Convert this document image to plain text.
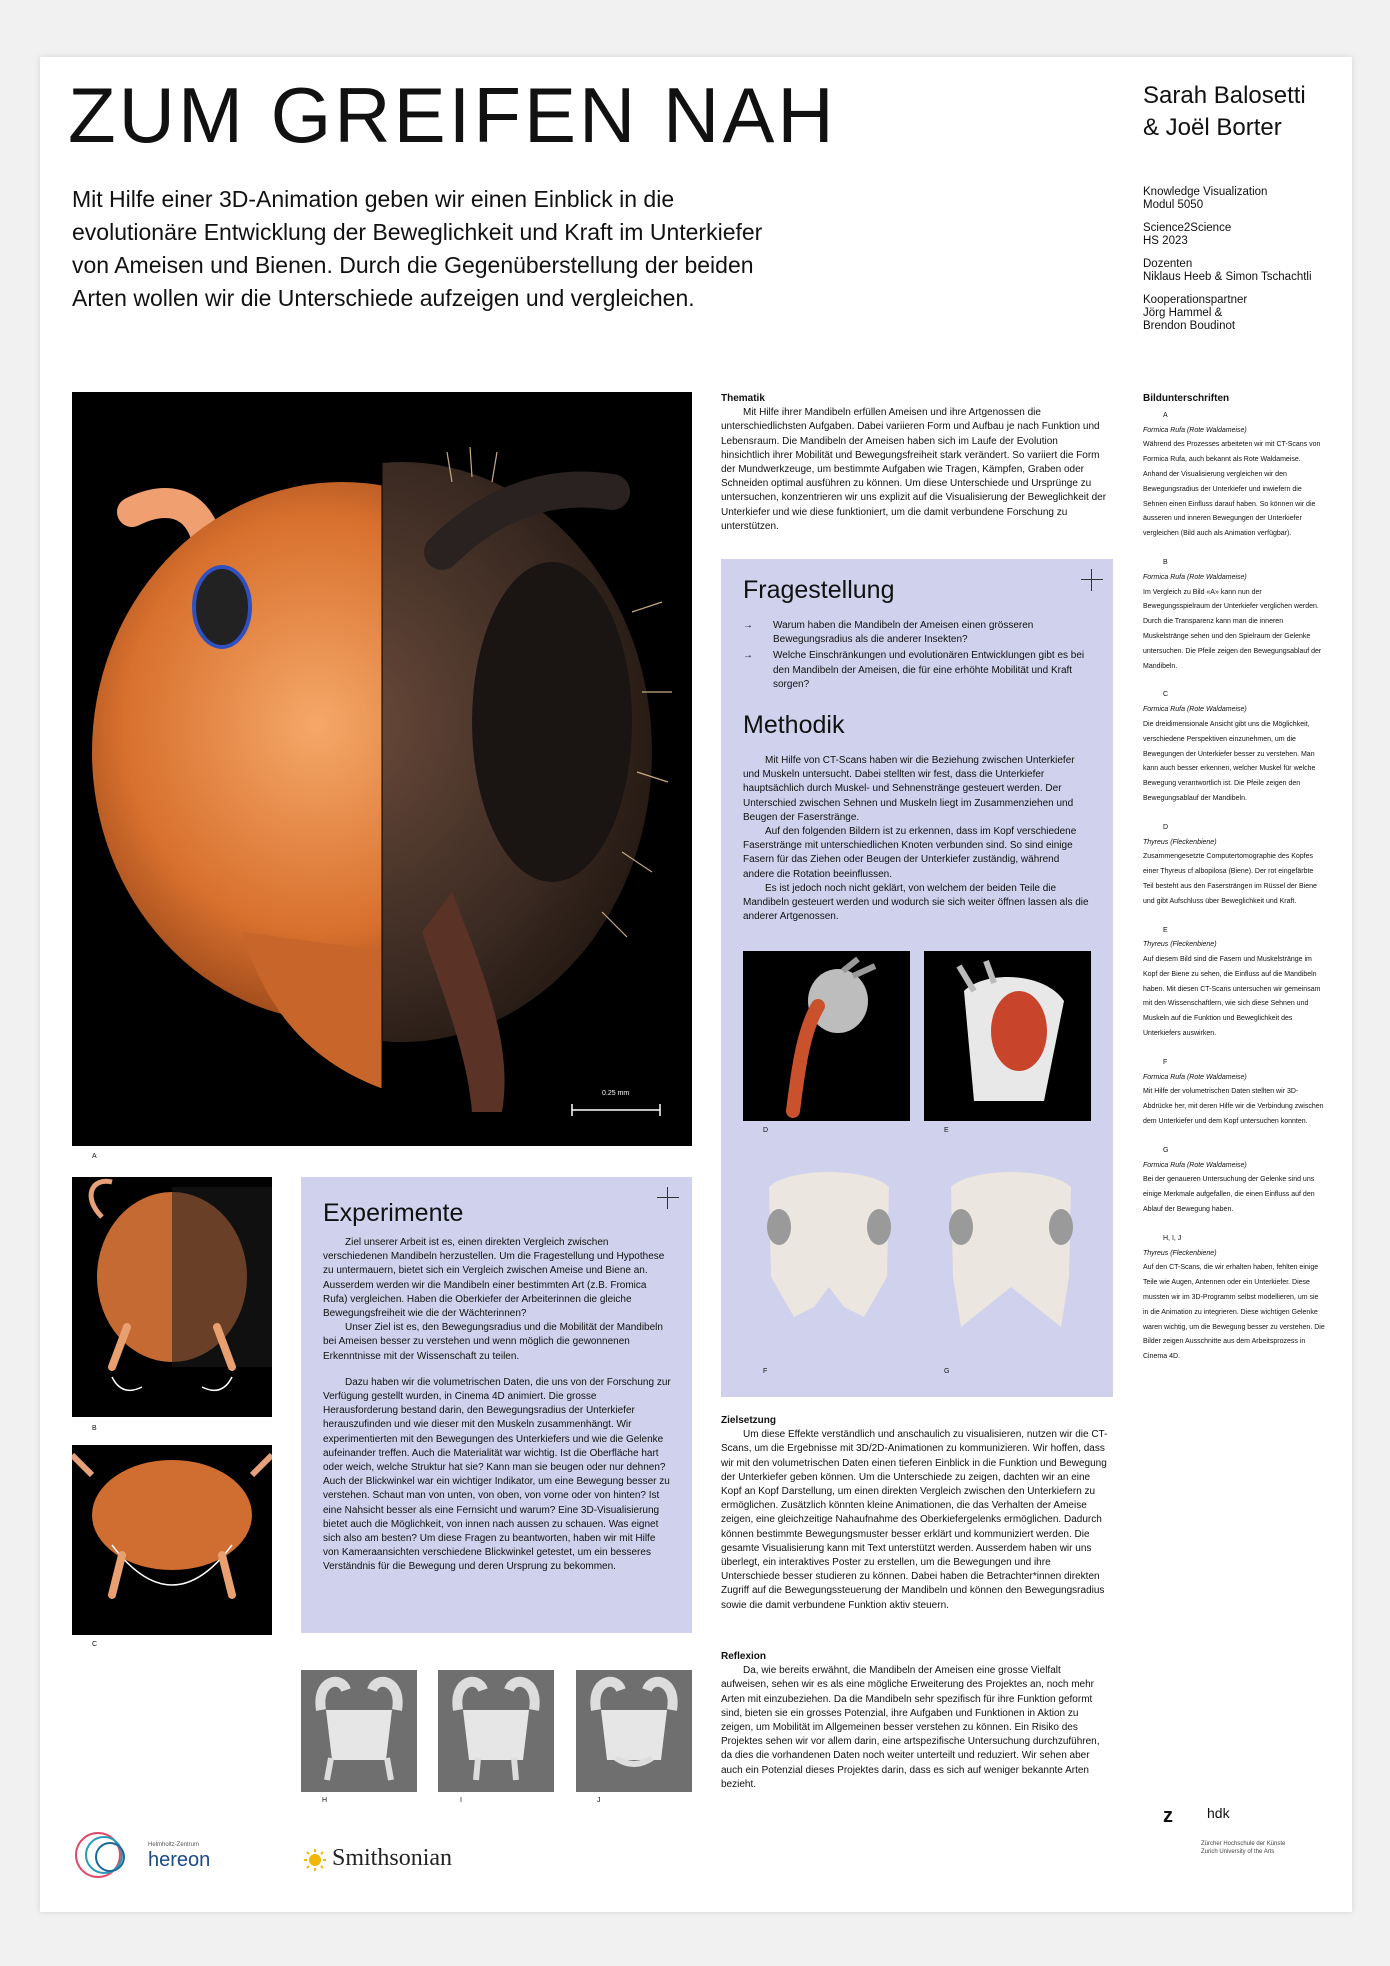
ZUM GREIFEN NAH	Sarah Balosetti
& Joël Borter
Mit Hilfe einer 3D-Animation geben wir einen Einblick in die evolutionäre Entwicklung der Beweglichkeit und Kraft im Unterkiefer von Ameisen und Bienen. Durch die Gegenüberstellung der beiden Arten wollen wir die Unterschiede aufzeigen und vergleichen.
Knowledge Visualization
Modul 5050
Science2Science
HS 2023
Dozenten
Niklaus Heeb & Simon Tschachtli
Kooperationspartner
Jörg Hammel &
Brendon Boudinot
0.25 mm
A
B
C
Experimente

Ziel unserer Arbeit ist es, einen direkten Vergleich zwischen verschiedenen Mandibeln herzustellen. Um die Fragestellung und Hypothese zu untermauern, bietet sich ein Vergleich zwischen Ameise und Biene an. Ausserdem werden wir die Mandibeln einer bestimmten Art (z.B. Fromica Rufa) vergleichen. Haben die Oberkiefer der Arbeiterinnen die gleiche Bewegungsfreiheit wie die der Wächterinnen?

Unser Ziel ist es, den Bewegungsradius und die Mobilität der Mandibeln bei Ameisen besser zu verstehen und wenn möglich die gewonnenen Erkenntnisse mit der Wissenschaft zu teilen.

Dazu haben wir die volumetrischen Daten, die uns von der Forschung zur Verfügung gestellt wurden, in Cinema 4D animiert. Die grosse Herausforderung bestand darin, den Bewegungsradius der Unterkiefer herauszufinden und wie dieser mit den Muskeln zusammenhängt. Wir experimentierten mit den Bewegungen des Unterkiefers und wie die Gelenke aufeinander treffen. Auch die Materialität war wichtig. Ist die Oberfläche hart oder weich, welche Struktur hat sie? Kann man sie beugen oder nur dehnen? Auch der Blickwinkel war ein wichtiger Indikator, um eine Bewegung besser zu verstehen. Schaut man von unten, von oben, von vorne oder von hinten? Ist eine Nahsicht besser als eine Fernsicht und warum? Eine 3D-Visualisierung bietet auch die Möglichkeit, von innen nach aussen zu schauen. Was eignet sich also am besten? Um diese Fragen zu beantworten, haben wir mit Hilfe von Kameraansichten verschiedene Blickwinkel getestet, um ein besseres Verständnis für die Bewegung und deren Ursprung zu bekommen.

H	I	J
Thematik

Mit Hilfe ihrer Mandibeln erfüllen Ameisen und ihre Artgenossen die unterschiedlichsten Aufgaben. Dabei variieren Form und Aufbau je nach Funktion und Lebensraum. Die Mandibeln der Ameisen haben sich im Laufe der Evolution hinsichtlich ihrer Mobilität und Bewegungsfreiheit stark verändert. So variiert die Form der Mundwerkzeuge, um bestimmte Aufgaben wie Tragen, Kämpfen, Graben oder Schneiden optimal ausführen zu können. Um diese Unterschiede und Ursprünge zu untersuchen, konzentrieren wir uns explizit auf die Visualisierung der Beweglichkeit der Unterkiefer und wie diese funktioniert, um die damit verbundene Forschung zu unterstützen.

Fragestellung
→ Warum haben die Mandibeln der Ameisen einen grösseren Bewegungsradius als die anderer Insekten?
→ Welche Einschränkungen und evolutionären Entwicklungen gibt es bei den Mandibeln der Ameisen, die für eine erhöhte Mobilität und Kraft sorgen?
Methodik

Mit Hilfe von CT-Scans haben wir die Beziehung zwischen Unterkiefer und Muskeln untersucht. Dabei stellten wir fest, dass die Unterkiefer hauptsächlich durch Muskel- und Sehnenstränge gesteuert werden. Der Unterschied zwischen Sehnen und Muskeln liegt im Zusammenziehen und Beugen der Faserstränge.

Auf den folgenden Bildern ist zu erkennen, dass im Kopf verschiedene Faserstränge mit unterschiedlichen Knoten verbunden sind. So sind einige Fasern für das Ziehen oder Beugen der Unterkiefer zuständig, während andere die Rotation beeinflussen.

Es ist jedoch noch nicht geklärt, von welchem der beiden Teile die Mandibeln gesteuert werden und wodurch sie sich weiter öffnen lassen als die anderer Artgenossen.

D	E
F	G
Zielsetzung

Um diese Effekte verständlich und anschaulich zu visualisieren, nutzen wir die CT-Scans, um die Ergebnisse mit 3D/2D-Animationen zu kommunizieren. Wir hoffen, dass wir mit den volumetrischen Daten einen tieferen Einblick in die Funktion und Bewegung der Unterkiefer geben können. Um die Unterschiede zu zeigen, dachten wir an eine Kopf an Kopf Darstellung, um einen direkten Vergleich zwischen den Unterkiefern zu ermöglichen. Zusätzlich könnten kleine Animationen, die das Verhalten der Ameise zeigen, eine gleichzeitige Nahaufnahme des Oberkiefergelenks ermöglichen. Dadurch können bestimmte Bewegungsmuster besser erklärt und kommuniziert werden. Die gesamte Visualisierung kann mit Text unterstützt werden. Ausserdem haben wir uns überlegt, ein interaktives Poster zu erstellen, um die Bewegungen und ihre Unterschiede besser studieren zu können. Dabei haben die Betrachter*innen direkten Zugriff auf die Bewegungssteuerung der Mandibeln und können den Bewegungsradius sowie die damit verbundene Funktion aktiv steuern.

Reflexion

Da, wie bereits erwähnt, die Mandibeln der Ameisen eine grosse Vielfalt aufweisen, sehen wir es als eine mögliche Erweiterung des Projektes an, noch mehr Arten mit einzubeziehen. Da die Mandibeln sehr spezifisch für ihre Funktion geformt sind, bieten sie ein grosses Potenzial, ihre Aufgaben und Funktionen in Aktion zu zeigen, um Mobilität im Allgemeinen besser verstehen zu können. Ein Risiko des Projektes sehen wir vor allem darin, eine artspezifische Untersuchung durchzuführen, da dies die vorhandenen Daten noch weiter unterteilt und reduziert. Wir sehen aber auch ein Potenzial dieses Projektes darin, dass es sich auf weniger bekannte Arten bezieht.

Bildunterschriften
A
Formica Rufa (Rote Waldameise)
Während des Prozesses arbeiteten wir mit CT-Scans von Formica Rufa, auch bekannt als Rote Waldameise. Anhand der Visualisierung vergleichen wir den Bewegungsradius der Unterkiefer und inwiefern die Sehnen einen Einfluss darauf haben. So können wir die äusseren und inneren Bewegungen der Unterkiefer vergleichen (Bild auch als Animation verfügbar).
B
Formica Rufa (Rote Waldameise)
Im Vergleich zu Bild «A» kann nun der Bewegungsspielraum der Unterkiefer verglichen werden. Durch die Transparenz kann man die inneren Muskelstränge sehen und den Spielraum der Gelenke untersuchen. Die Pfeile zeigen den Bewegungsablauf der Mandibeln.
C
Formica Rufa (Rote Waldameise)
Die dreidimensionale Ansicht gibt uns die Möglichkeit, verschiedene Perspektiven einzunehmen, um die Bewegungen der Unterkiefer besser zu verstehen. Man kann auch besser erkennen, welcher Muskel für welche Bewegung verantwortlich ist. Die Pfeile zeigen den Bewegungsablauf der Mandibeln.
D
Thyreus (Fleckenbiene)
Zusammengesetzte Computertomographie des Kopfes einer Thyreus cf albopilosa (Biene). Der rot eingefärbte Teil besteht aus den Fasersträngen im Rüssel der Biene und gibt Aufschluss über Beweglichkeit und Kraft.
E
Thyreus (Fleckenbiene)
Auf diesem Bild sind die Fasern und Muskelstränge im Kopf der Biene zu sehen, die Einfluss auf die Mandibeln haben. Mit diesen CT-Scans untersuchen wir gemeinsam mit den Wissenschaftlern, wie sich diese Sehnen und Muskeln auf die Funktion und Beweglichkeit des Unterkiefers auswirken.
F
Formica Rufa (Rote Waldameise)
Mit Hilfe der volumetrischen Daten stellten wir 3D-Abdrücke her, mit deren Hilfe wir die Verbindung zwischen dem Unterkiefer und dem Kopf untersuchen konnten.
G
Formica Rufa (Rote Waldameise)
Bei der genaueren Untersuchung der Gelenke sind uns einige Merkmale aufgefallen, die einen Einfluss auf den Ablauf der Bewegung haben.
H, I, J
Thyreus (Fleckenbiene)
Auf den CT-Scans, die wir erhalten haben, fehlten einige Teile wie Augen, Antennen oder ein Unterkiefer. Diese mussten wir im 3D-Programm selbst modellieren, um sie in die Animation zu integrieren. Diese wichtigen Gelenke waren wichtig, um die Bewegung besser zu verstehen. Die Bilder zeigen Ausschnitte aus dem Arbeitsprozess in Cinema 4D.
Helmholtz-Zentrum
hereon	Smithsonian
z hdk
Zürcher Hochschule der Künste
Zurich University of the Arts
